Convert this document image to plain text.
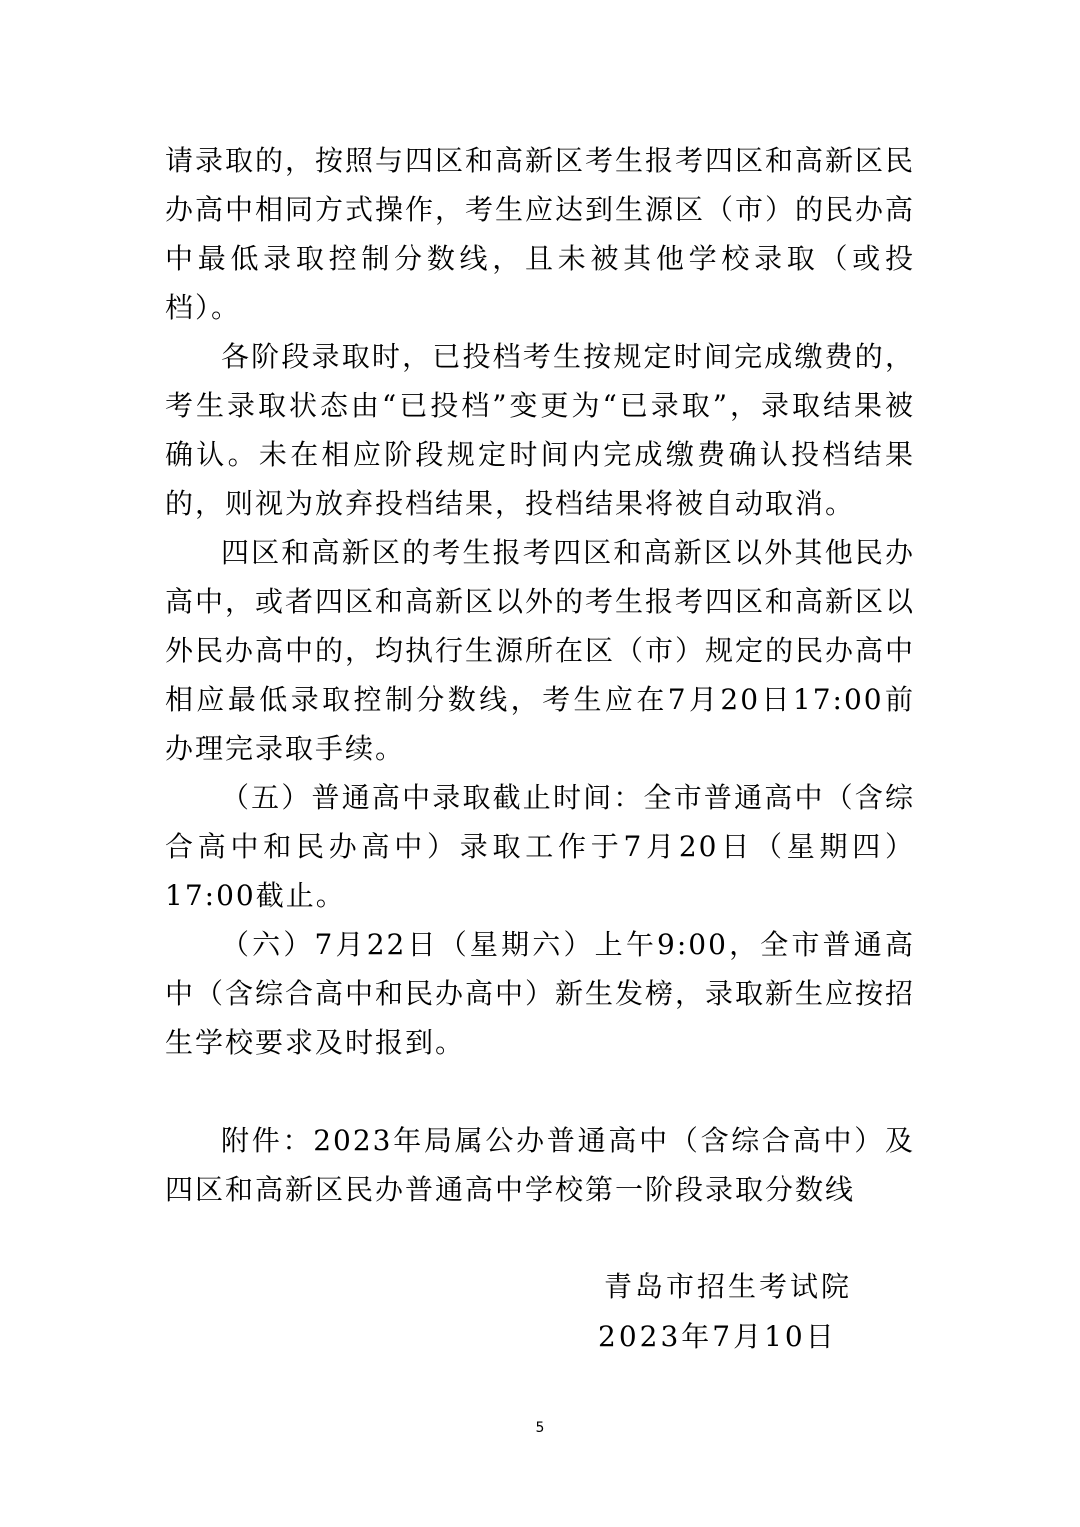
请录取的，按照与四区和高新区考生报考四区和高新区民办高中相同方式操作，考生应达到生源区（市）的民办高中最低录取控制分数线，且未被其他学校录取（或投档）。

各阶段录取时，已投档考生按规定时间完成缴费的，考生录取状态由“已投档”变更为“已录取”，录取结果被确认。未在相应阶段规定时间内完成缴费确认投档结果的，则视为放弃投档结果，投档结果将被自动取消。

四区和高新区的考生报考四区和高新区以外其他民办高中，或者四区和高新区以外的考生报考四区和高新区以外民办高中的，均执行生源所在区（市）规定的民办高中相应最低录取控制分数线，考生应在7月20日17:00前办理完录取手续。

（五）普通高中录取截止时间：全市普通高中（含综合高中和民办高中）录取工作于7月20日（星期四）17:00截止。

（六）7月22日（星期六）上午9:00，全市普通高中（含综合高中和民办高中）新生发榜，录取新生应按招生学校要求及时报到。

附件：2023年局属公办普通高中（含综合高中）及四区和高新区民办普通高中学校第一阶段录取分数线

青岛市招生考试院
2023年7月10日
5
